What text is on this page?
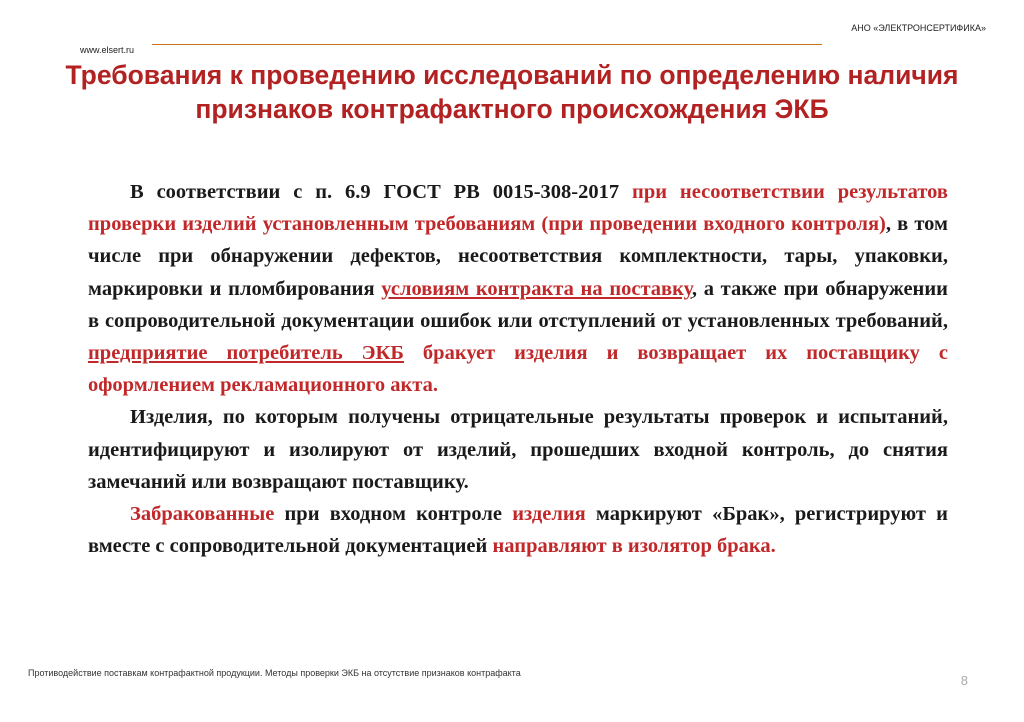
АНО «ЭЛЕКТРОНСЕРТИФИКА»
www.elsert.ru
Требования к проведению исследований по определению наличия признаков контрафактного происхождения ЭКБ

В соответствии с п. 6.9 ГОСТ РВ 0015-308-2017 при несоответствии результатов проверки изделий установленным требованиям (при проведении входного контроля), в том числе при обнаружении дефектов, несоответствия комплектности, тары, упаковки, маркировки и пломбирования условиям контракта на поставку, а также при обнаружении в сопроводительной документации ошибок или отступлений от установленных требований, предприятие потребитель ЭКБ бракует изделия и возвращает их поставщику с оформлением рекламационного акта.

Изделия, по которым получены отрицательные результаты проверок и испытаний, идентифицируют и изолируют от изделий, прошедших входной контроль, до снятия замечаний или возвращают поставщику.

Забракованные при входном контроле изделия маркируют «Брак», регистрируют и вместе с сопроводительной документацией направляют в изолятор брака.

Противодействие поставкам контрафактной продукции. Методы проверки ЭКБ на отсутствие признаков контрафакта	8
